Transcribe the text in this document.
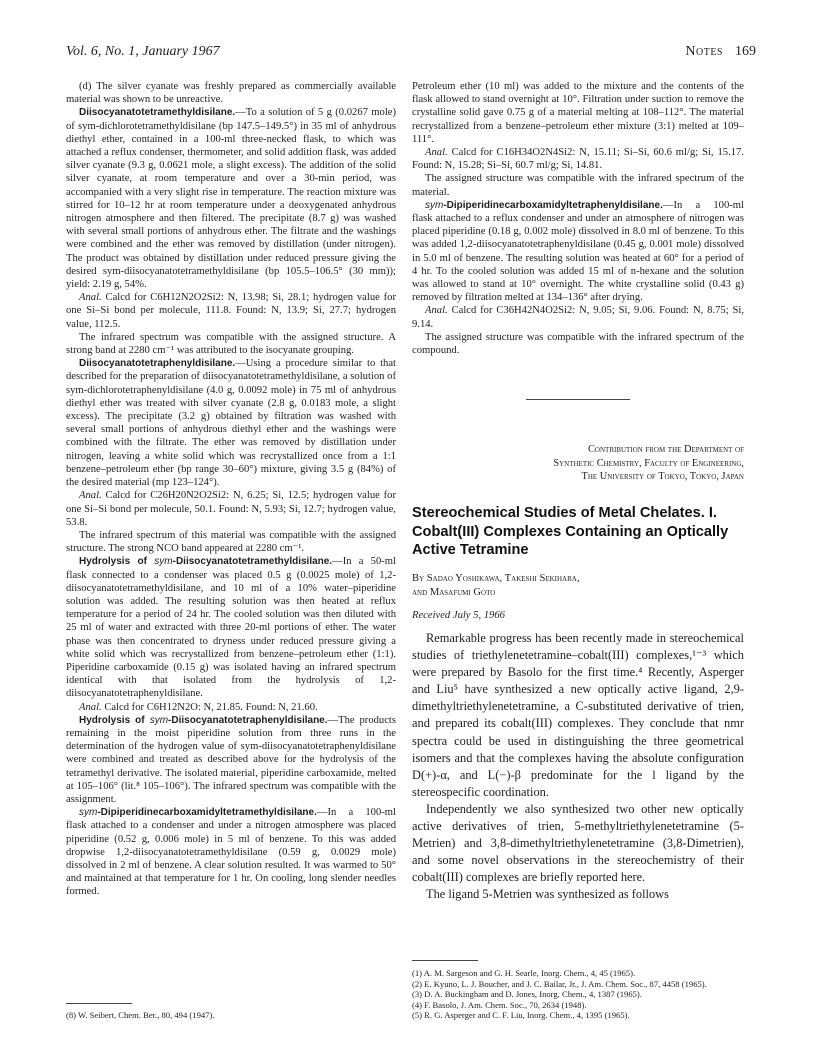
Vol. 6, No. 1, January 1967	Notes 169

(d) The silver cyanate was freshly prepared as commercially available material was shown to be unreactive.

Diisocyanatotetramethyldisilane.—To a solution of 5 g (0.0267 mole) of sym-dichlorotetramethyldisilane (bp 147.5–149.5°) in 35 ml of anhydrous diethyl ether, contained in a 100-ml three-necked flask, to which was attached a reflux condenser, thermometer, and solid addition flask, was added silver cyanate (9.3 g, 0.0621 mole, a slight excess). The addition of the solid silver cyanate, at room temperature and over a 30-min period, was accompanied with a very slight rise in temperature. The reaction mixture was stirred for 10–12 hr at room temperature under a deoxygenated anhydrous nitrogen atmosphere and then filtered. The precipitate (8.7 g) was washed with several small portions of anhydrous ether. The filtrate and the washings were combined and the ether was removed by distillation (under nitrogen). The product was obtained by distillation under reduced pressure giving the desired sym-diisocyanatotetramethyldisilane (bp 105.5–106.5° (30 mm)); yield: 2.19 g, 54%.

Anal. Calcd for C6H12N2O2Si2: N, 13.98; Si, 28.1; hydrogen value for one Si–Si bond per molecule, 111.8. Found: N, 13.9; Si, 27.7; hydrogen value, 112.5.

The infrared spectrum was compatible with the assigned structure. A strong band at 2280 cm⁻¹ was attributed to the isocyanate grouping.

Diisocyanatotetraphenyldisilane.—Using a procedure similar to that described for the preparation of diisocyanatotetramethyldisilane, a solution of sym-dichlorotetraphenyldisilane (4.0 g, 0.0092 mole) in 75 ml of anhydrous diethyl ether was treated with silver cyanate (2.8 g, 0.0183 mole, a slight excess). The precipitate (3.2 g) obtained by filtration was washed with several small portions of anhydrous diethyl ether and the washings were combined with the filtrate. The ether was removed by distillation under nitrogen, leaving a white solid which was recrystallized once from a 1:1 benzene–petroleum ether (bp range 30–60°) mixture, giving 3.5 g (84%) of the desired material (mp 123–124°).

Anal. Calcd for C26H20N2O2Si2: N, 6.25; Si, 12.5; hydrogen value for one Si–Si bond per molecule, 50.1. Found: N, 5.93; Si, 12.7; hydrogen value, 53.8.

The infrared spectrum of this material was compatible with the assigned structure. The strong NCO band appeared at 2280 cm⁻¹.

Hydrolysis of sym-Diisocyanatotetramethyldisilane.—In a 50-ml flask connected to a condenser was placed 0.5 g (0.0025 mole) of 1,2-diisocyanatotetramethyldisilane, and 10 ml of a 10% water–piperidine solution was added. The resulting solution was then heated at reflux temperature for a period of 24 hr. The cooled solution was then diluted with 25 ml of water and extracted with three 20-ml portions of ether. The water phase was then concentrated to dryness under reduced pressure giving a white solid which was recrystallized from benzene–petroleum ether (1:1). Piperidine carboxamide (0.15 g) was isolated having an infrared spectrum identical with that isolated from the hydrolysis of 1,2-diisocyanatotetraphenyldisilane.

Anal. Calcd for C6H12N2O: N, 21.85. Found: N, 21.60.

Hydrolysis of sym-Diisocyanatotetraphenyldisilane.—The products remaining in the moist piperidine solution from three runs in the determination of the hydrogen value of sym-diisocyanatotetraphenyldisilane were combined and treated as described above for the hydrolysis of the tetramethyl derivative. The isolated material, piperidine carboxamide, melted at 105–106° (lit.⁸ 105–106°). The infrared spectrum was compatible with the assignment.

sym-Dipiperidinecarboxamidyltetramethyldisilane.—In a 100-ml flask attached to a condenser and under a nitrogen atmosphere was placed piperidine (0.52 g, 0.006 mole) in 5 ml of benzene. To this was added dropwise 1,2-diisocyanatotetramethyldisilane (0.59 g, 0.0029 mole) dissolved in 2 ml of benzene. A clear solution resulted. It was warmed to 50° and maintained at that temperature for 1 hr. On cooling, long slender needles formed.

(8) W. Seibert, Chem. Ber., 80, 494 (1947).

Petroleum ether (10 ml) was added to the mixture and the contents of the flask allowed to stand overnight at 10°. Filtration under suction to remove the crystalline solid gave 0.75 g of a material melting at 108–112°. The material recrystallized from a benzene–petroleum ether mixture (3:1) melted at 109–111°.

Anal. Calcd for C16H34O2N4Si2: N, 15.11; Si–Si, 60.6 ml/g; Si, 15.17. Found: N, 15.28; Si–Si, 60.7 ml/g; Si, 14.81.

The assigned structure was compatible with the infrared spectrum of the material.

sym-Dipiperidinecarboxamidyltetraphenyldisilane.—In a 100-ml flask attached to a reflux condenser and under an atmosphere of nitrogen was placed piperidine (0.18 g, 0.002 mole) dissolved in 8.0 ml of benzene. To this was added 1,2-diisocyanatotetraphenyldisilane (0.45 g, 0.001 mole) dissolved in 5.0 ml of benzene. The resulting solution was heated at 60° for a period of 4 hr. To the cooled solution was added 15 ml of n-hexane and the solution was allowed to stand at 10° overnight. The white crystalline solid (0.43 g) removed by filtration melted at 134–136° after drying.

Anal. Calcd for C36H42N4O2Si2: N, 9.05; Si, 9.06. Found: N, 8.75; Si, 9.14.

The assigned structure was compatible with the infrared spectrum of the compound.

Contribution from the Department of
Synthetic Chemistry, Faculty of Engineering,
The University of Tokyo, Tokyo, Japan
Stereochemical Studies of Metal Chelates. I. Cobalt(III) Complexes Containing an Optically Active Tetramine
By Sadao Yoshikawa, Takeshi Sekihara,
and Masafumi Goto
Received July 5, 1966

Remarkable progress has been recently made in stereochemical studies of triethylenetetramine–cobalt(III) complexes,¹⁻³ which were prepared by Basolo for the first time.⁴ Recently, Asperger and Liu⁵ have synthesized a new optically active ligand, 2,9-dimethyltriethylenetetramine, a C-substituted derivative of trien, and prepared its cobalt(III) complexes. They conclude that nmr spectra could be used in distinguishing the three geometrical isomers and that the complexes having the absolute configuration D(+)-α, and L(−)-β predominate for the l ligand by the stereospecific coordination.

Independently we also synthesized two other new optically active derivatives of trien, 5-methyltriethylenetetramine (5-Metrien) and 3,8-dimethyltriethylenetetramine (3,8-Dimetrien), and some novel observations in the stereochemistry of their cobalt(III) complexes are briefly reported here.

The ligand 5-Metrien was synthesized as follows

(1) A. M. Sargeson and G. H. Searle, Inorg. Chem., 4, 45 (1965).
(2) E. Kyuno, L. J. Boucher, and J. C. Bailar, Jr., J. Am. Chem. Soc., 87, 4458 (1965).
(3) D. A. Buckingham and D. Jones, Inorg. Chem., 4, 1387 (1965).
(4) F. Basolo, J. Am. Chem. Soc., 70, 2634 (1948).
(5) R. G. Asperger and C. F. Liu, Inorg. Chem., 4, 1395 (1965).
